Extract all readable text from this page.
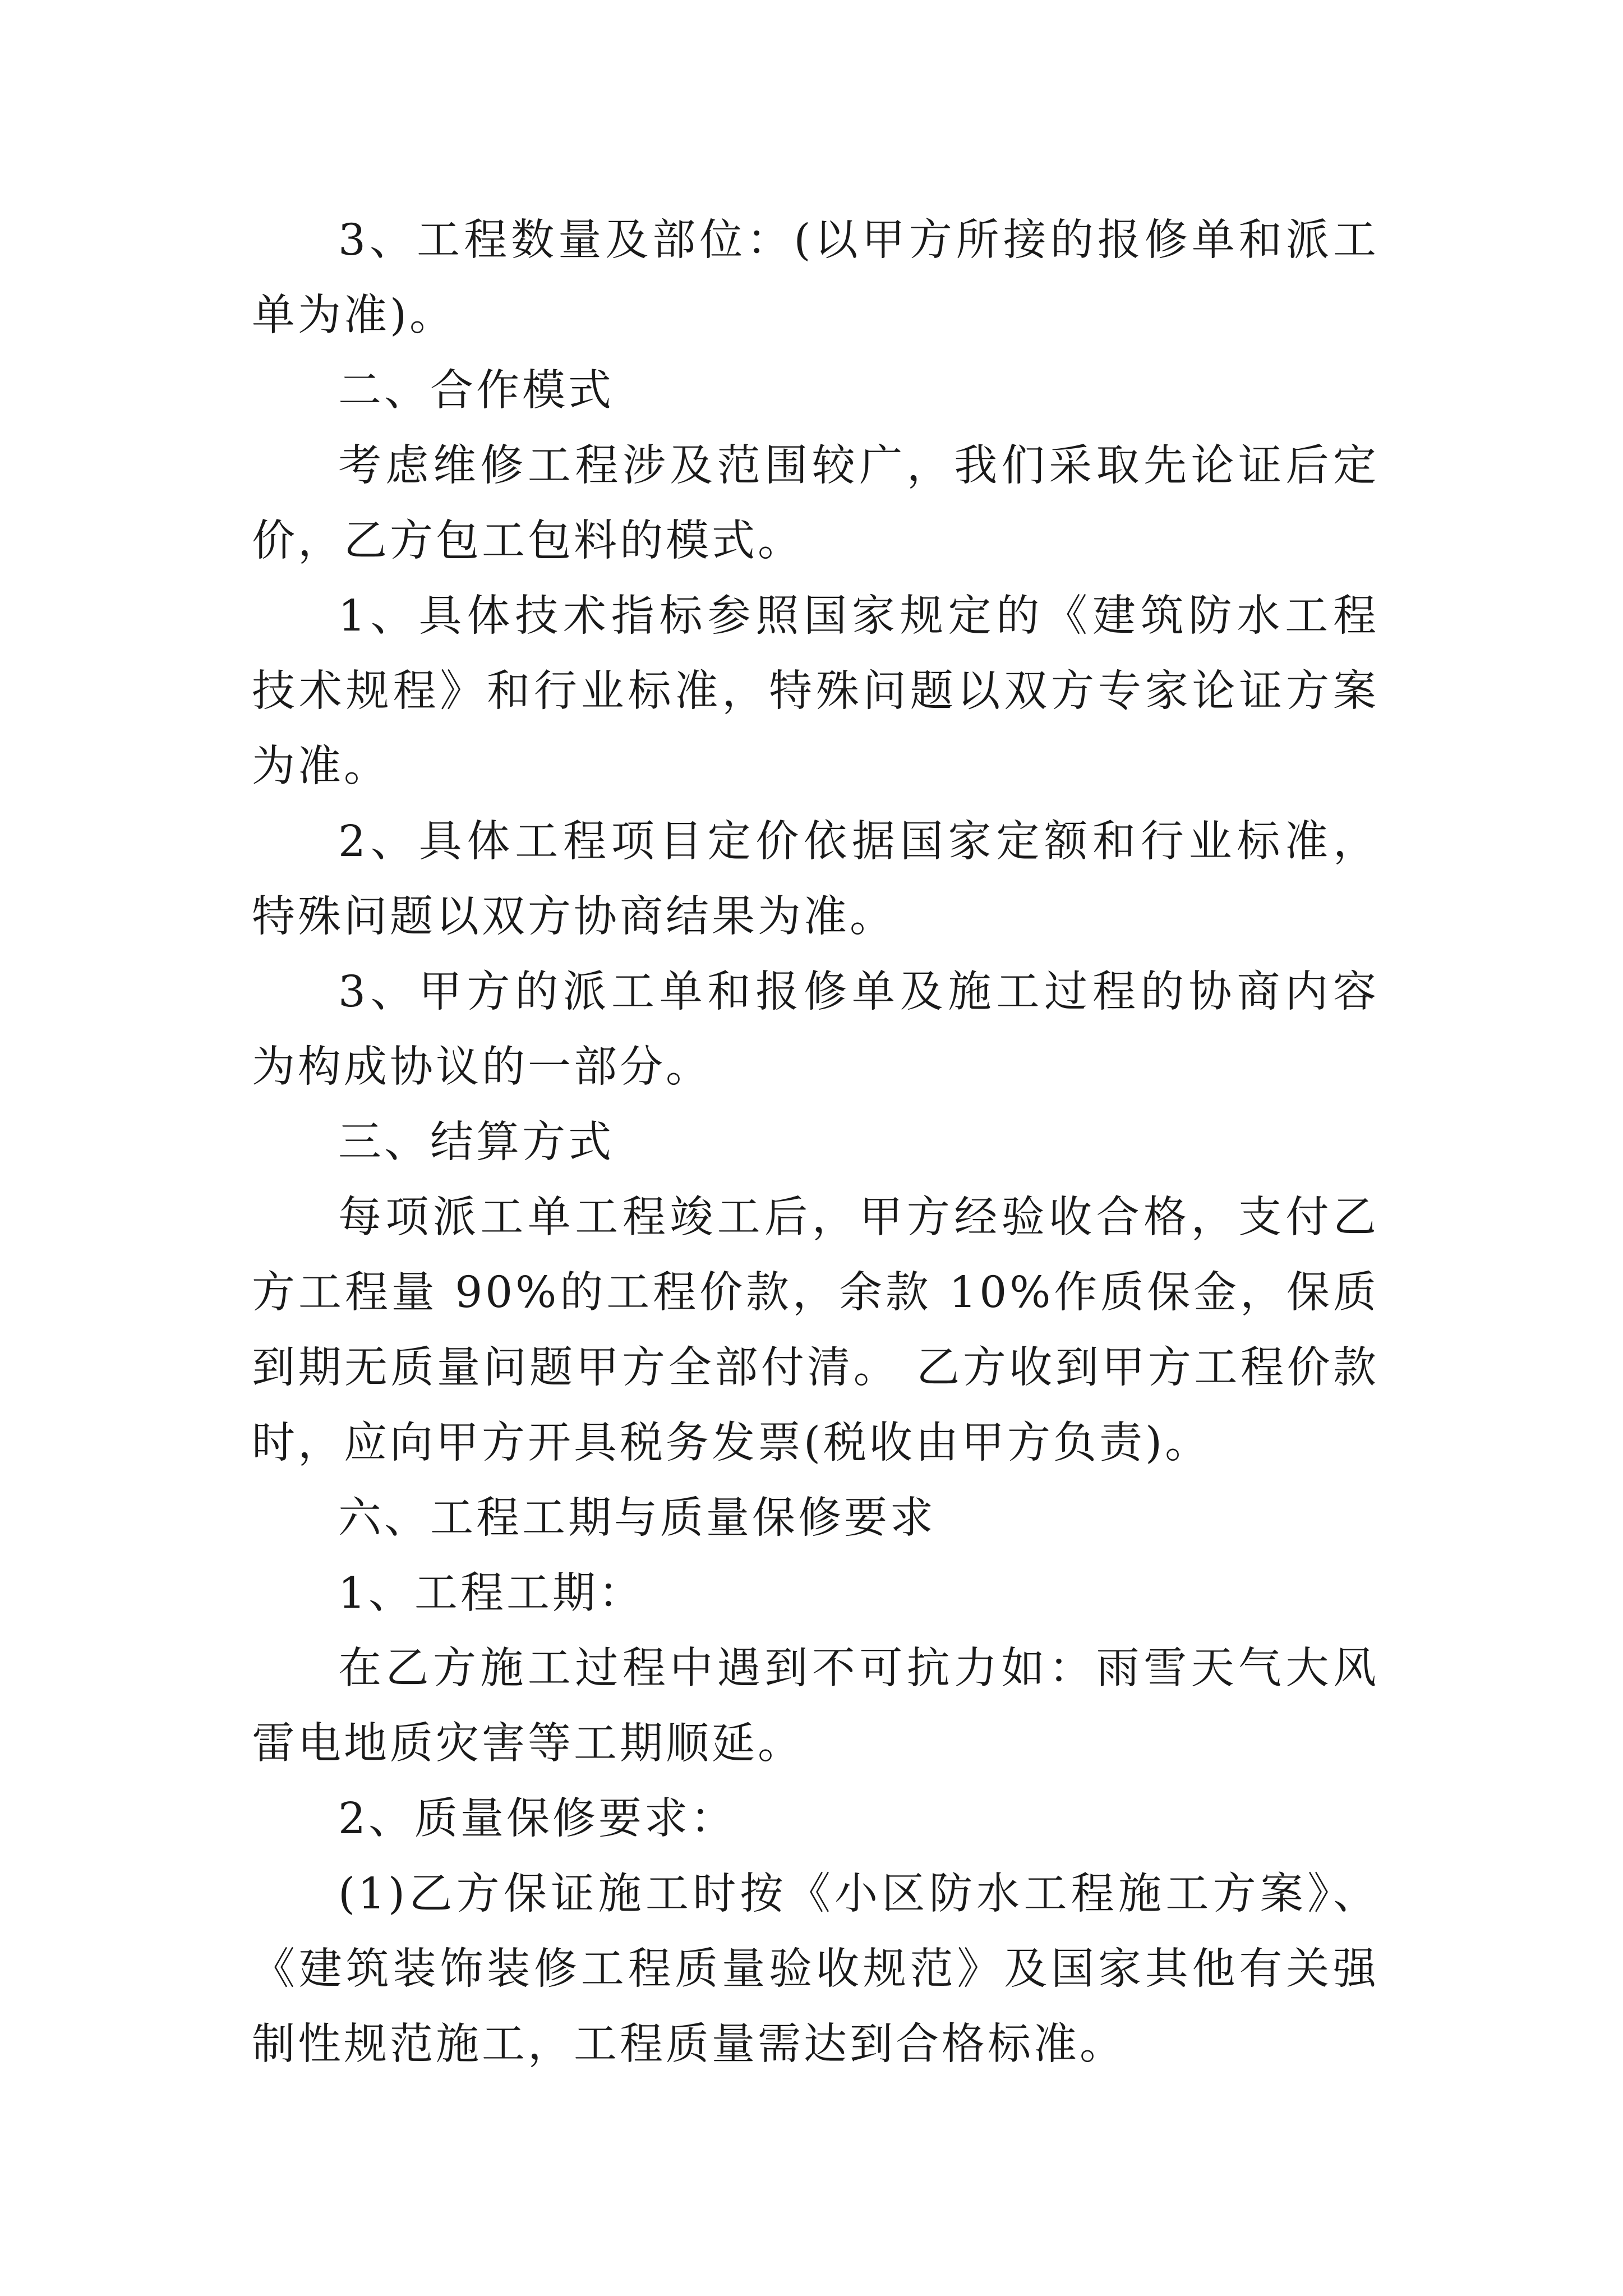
3、工程数量及部位：(以甲方所接的报修单和派工单为准)。

二、合作模式

考虑维修工程涉及范围较广，我们采取先论证后定价，乙方包工包料的模式。

1、具体技术指标参照国家规定的《建筑防水工程技术规程》和行业标准，特殊问题以双方专家论证方案为准。

2、具体工程项目定价依据国家定额和行业标准，特殊问题以双方协商结果为准。

3、甲方的派工单和报修单及施工过程的协商内容为构成协议的一部分。

三、结算方式

每项派工单工程竣工后，甲方经验收合格，支付乙方工程量 90%的工程价款，余款 10%作质保金，保质到期无质量问题甲方全部付清。 乙方收到甲方工程价款时，应向甲方开具税务发票(税收由甲方负责)。

六、工程工期与质量保修要求

1、工程工期：

在乙方施工过程中遇到不可抗力如：雨雪天气大风雷电地质灾害等工期顺延。

2、质量保修要求：

(1)乙方保证施工时按《小区防水工程施工方案》、《建筑装饰装修工程质量验收规范》及国家其他有关强制性规范施工，工程质量需达到合格标准。
